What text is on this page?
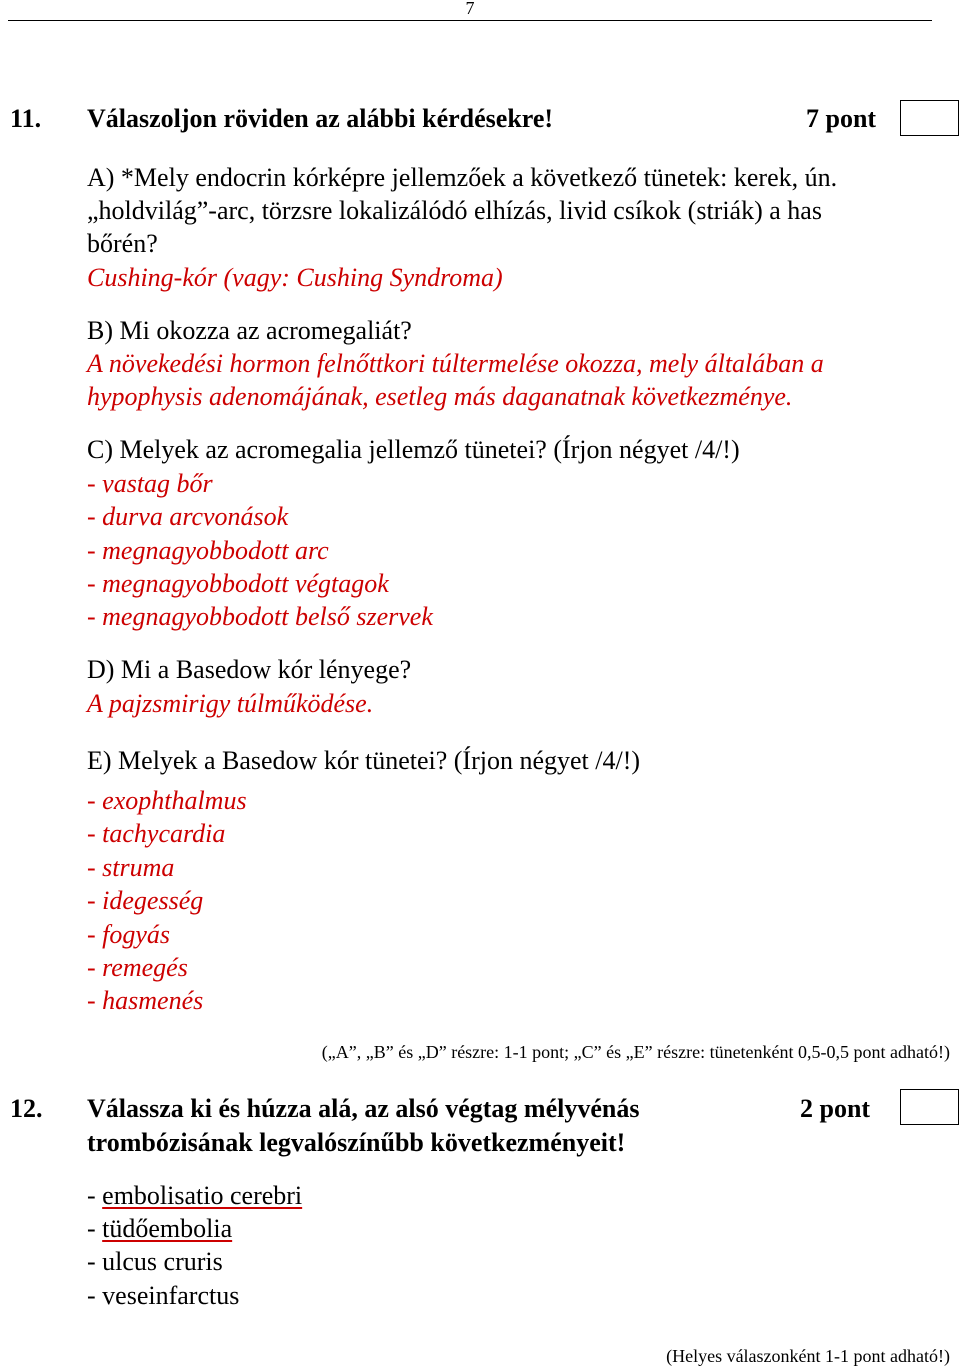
7
11. Válaszoljon röviden az alábbi kérdésekre!	7 pont
A) *Mely endocrin kórképre jellemzőek a következő tünetek: kerek, ún.
„holdvilág”-arc, törzsre lokalizálódó elhízás, livid csíkok (striák) a has
bőrén?
Cushing-kór (vagy: Cushing Syndroma)
B) Mi okozza az acromegaliát?
A növekedési hormon felnőttkori túltermelése okozza, mely általában a
hypophysis adenomájának, esetleg más daganatnak következménye.
C) Melyek az acromegalia jellemző tünetei? (Írjon négyet /4/!)
- vastag bőr
- durva arcvonások
- megnagyobbodott arc
- megnagyobbodott végtagok
- megnagyobbodott belső szervek
D) Mi a Basedow kór lényege?
A pajzsmirigy túlműködése.
E) Melyek a Basedow kór tünetei? (Írjon négyet /4/!)
- exophthalmus
- tachycardia
- struma
- idegesség
- fogyás
- remegés
- hasmenés
(„A”, „B” és „D” részre: 1-1 pont; „C” és „E” részre: tünetenként 0,5-0,5 pont adható!)
12. Válassza ki és húzza alá, az alsó végtag mélyvénás
trombózisának legvalószínűbb következményeit!
2 pont
- embolisatio cerebri
- tüdőembolia
- ulcus cruris
- veseinfarctus
(Helyes válaszonként 1-1 pont adható!)
